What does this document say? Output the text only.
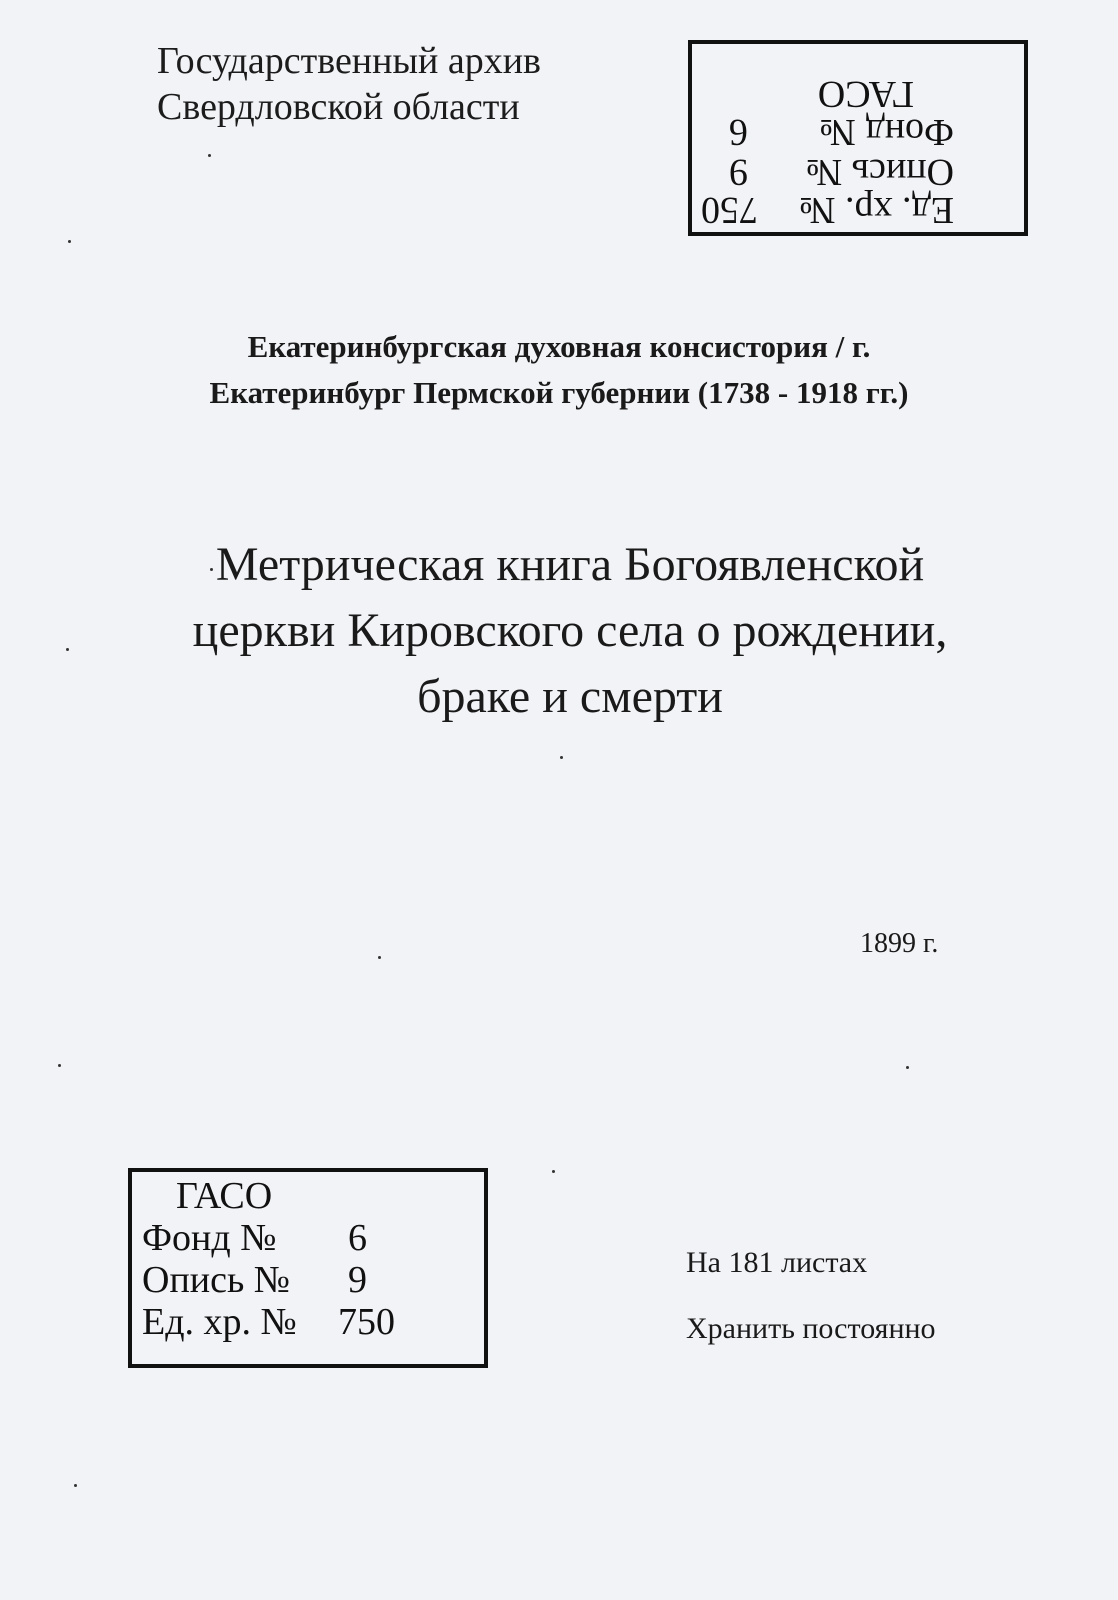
Государственный архив
Свердловской области	ГАСО
Фонд №6
Опись №9
Ед. хр. №750
Екатеринбургская духовная консистория / г.
Екатеринбург Пермской губернии (1738 - 1918 гг.)
Метрическая книга Богоявленской
церкви Кировского села о рождении,
браке и смерти
1899 г.
ГАСО
Фонд № 6
Опись № 9
Ед. хр. № 750
На 181 листах
Хранить постоянно
